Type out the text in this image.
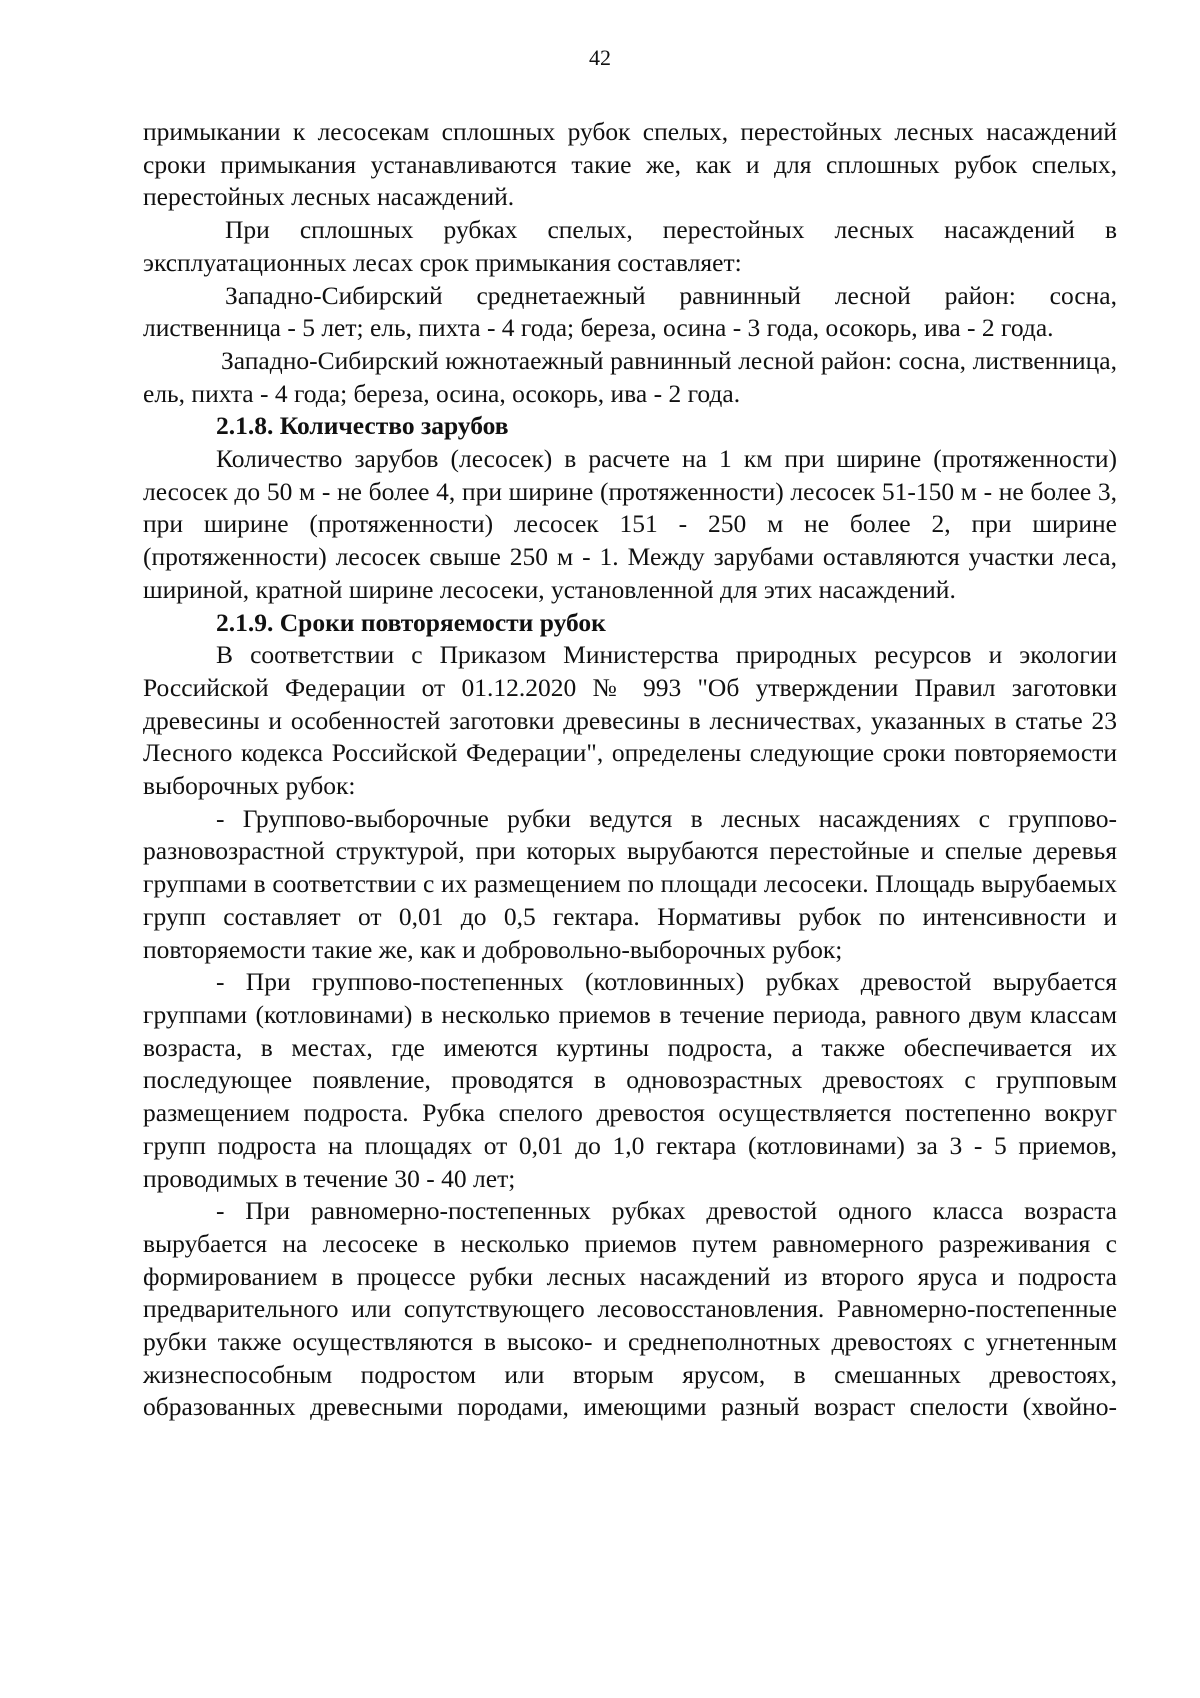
42

примыкании к лесосекам сплошных рубок спелых, перестойных лесных насаждений сроки примыкания устанавливаются такие же, как и для сплошных рубок спелых, перестойных лесных насаждений.

При сплошных рубках спелых, перестойных лесных насаждений в эксплуатационных лесах срок примыкания составляет:

Западно-Сибирский среднетаежный равнинный лесной район: сосна, лиственница - 5 лет; ель, пихта - 4 года; береза, осина - 3 года, осокорь, ива - 2 года.

Западно-Сибирский южнотаежный равнинный лесной район: сосна, лиственница, ель, пихта - 4 года; береза, осина, осокорь, ива - 2 года.

2.1.8. Количество зарубов

Количество зарубов (лесосек) в расчете на 1 км при ширине (протяженности) лесосек до 50 м - не более 4, при ширине (протяженности) лесосек 51-150 м - не более 3, при ширине (протяженности) лесосек 151 - 250 м не более 2, при ширине (протяженности) лесосек свыше 250 м - 1. Между зарубами оставляются участки леса, шириной, кратной ширине лесосеки, установленной для этих насаждений.

2.1.9. Сроки повторяемости рубок

В соответствии с Приказом Министерства природных ресурсов и экологии Российской Федерации от 01.12.2020 № 993 "Об утверждении Правил заготовки древесины и особенностей заготовки древесины в лесничествах, указанных в статье 23 Лесного кодекса Российской Федерации", определены следующие сроки повторяемости выборочных рубок:

- Группово-выборочные рубки ведутся в лесных насаждениях с группово-разновозрастной структурой, при которых вырубаются перестойные и спелые деревья группами в соответствии с их размещением по площади лесосеки. Площадь вырубаемых групп составляет от 0,01 до 0,5 гектара. Нормативы рубок по интенсивности и повторяемости такие же, как и добровольно-выборочных рубок;

- При группово-постепенных (котловинных) рубках древостой вырубается группами (котловинами) в несколько приемов в течение периода, равного двум классам возраста, в местах, где имеются куртины подроста, а также обеспечивается их последующее появление, проводятся в одновозрастных древостоях с групповым размещением подроста. Рубка спелого древостоя осуществляется постепенно вокруг групп подроста на площадях от 0,01 до 1,0 гектара (котловинами) за 3 - 5 приемов, проводимых в течение 30 - 40 лет;

- При равномерно-постепенных рубках древостой одного класса возраста вырубается на лесосеке в несколько приемов путем равномерного разреживания с формированием в процессе рубки лесных насаждений из второго яруса и подроста предварительного или сопутствующего лесовосстановления. Равномерно-постепенные рубки также осуществляются в высоко- и среднеполнотных древостоях с угнетенным жизнеспособным подростом или вторым ярусом, в смешанных древостоях, образованных древесными породами, имеющими разный возраст спелости (хвойно-
